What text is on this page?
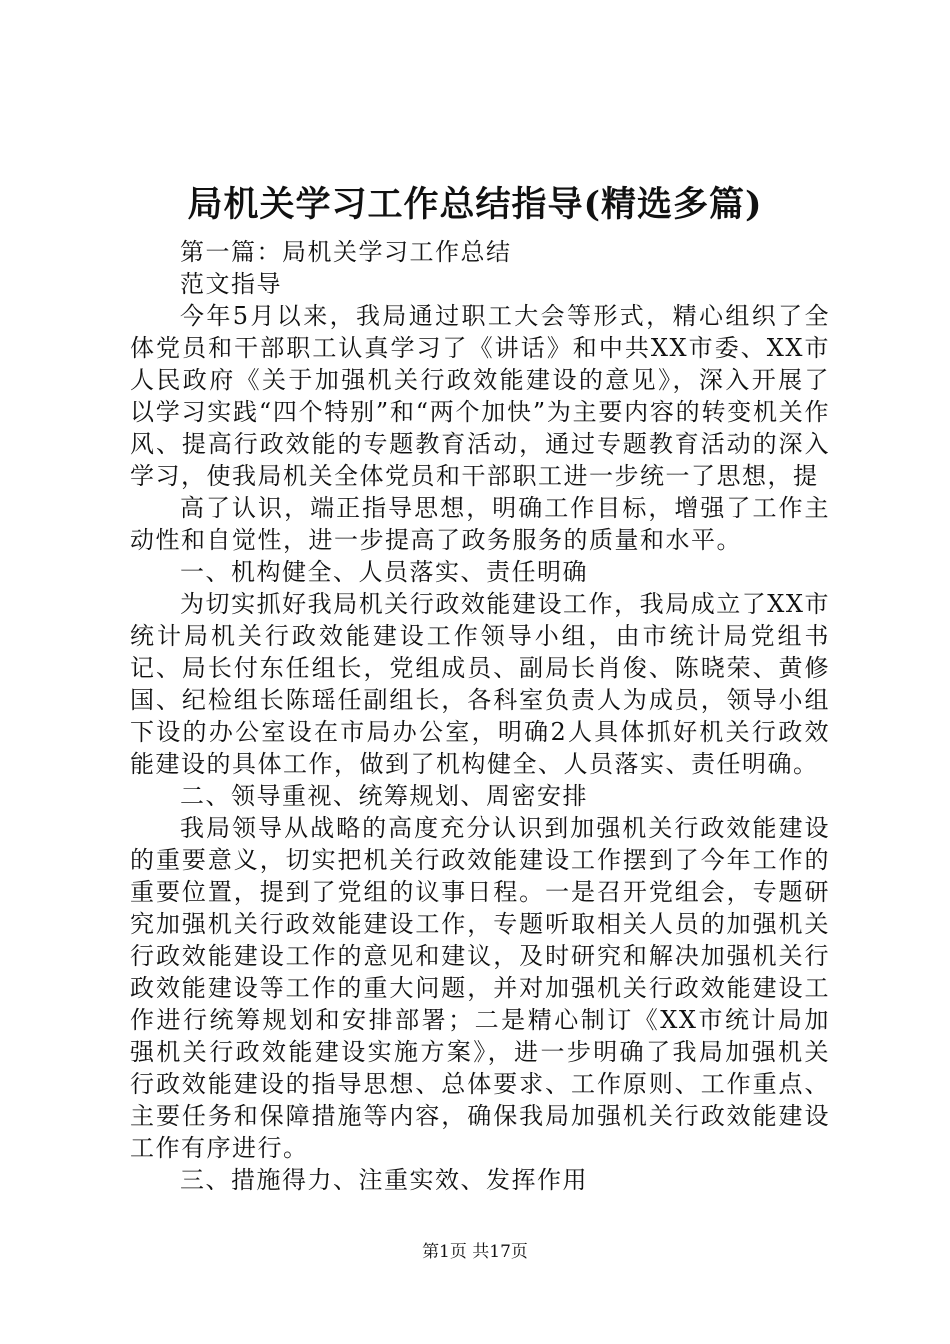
局机关学习工作总结指导(精选多篇)

第一篇：局机关学习工作总结

范文指导

今年5月以来，我局通过职工大会等形式，精心组织了全体党员和干部职工认真学习了《讲话》和中共XX市委、XX市人民政府《关于加强机关行政效能建设的意见》，深入开展了以学习实践“四个特别”和“两个加快”为主要内容的转变机关作风、提高行政效能的专题教育活动，通过专题教育活动的深入学习，使我局机关全体党员和干部职工进一步统一了思想，提

高了认识，端正指导思想，明确工作目标，增强了工作主动性和自觉性，进一步提高了政务服务的质量和水平。

一、机构健全、人员落实、责任明确

为切实抓好我局机关行政效能建设工作，我局成立了XX市统计局机关行政效能建设工作领导小组，由市统计局党组书记、局长付东任组长，党组成员、副局长肖俊、陈晓荣、黄修国、纪检组长陈瑶任副组长，各科室负责人为成员，领导小组下设的办公室设在市局办公室，明确2人具体抓好机关行政效能建设的具体工作，做到了机构健全、人员落实、责任明确。

二、领导重视、统筹规划、周密安排

我局领导从战略的高度充分认识到加强机关行政效能建设的重要意义，切实把机关行政效能建设工作摆到了今年工作的重要位置，提到了党组的议事日程。一是召开党组会，专题研究加强机关行政效能建设工作，专题听取相关人员的加强机关行政效能建设工作的意见和建议，及时研究和解决加强机关行政效能建设等工作的重大问题，并对加强机关行政效能建设工作进行统筹规划和安排部署；二是精心制订《XX市统计局加强机关行政效能建设实施方案》，进一步明确了我局加强机关行政效能建设的指导思想、总体要求、工作原则、工作重点、主要任务和保障措施等内容，确保我局加强机关行政效能建设工作有序进行。

三、措施得力、注重实效、发挥作用

第1页 共17页
